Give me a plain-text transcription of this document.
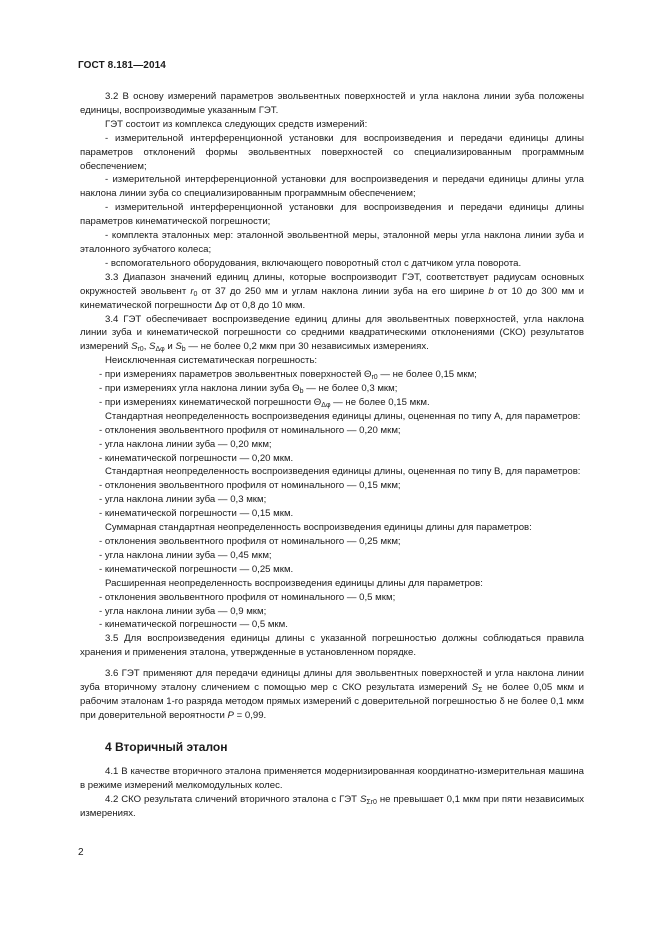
ГОСТ 8.181—2014

3.2 В основу измерений параметров эвольвентных поверхностей и угла наклона линии зуба положены единицы, воспроизводимые указанным ГЭТ.

ГЭТ состоит из комплекса следующих средств измерений:

- измерительной интерференционной установки для воспроизведения и передачи единицы длины параметров отклонений формы эвольвентных поверхностей со специализированным программным обеспечением;

- измерительной интерференционной установки для воспроизведения и передачи единицы длины угла наклона линии зуба со специализированным программным обеспечением;

- измерительной интерференционной установки для воспроизведения и передачи единицы длины параметров кинематической погрешности;

- комплекта эталонных мер: эталонной эвольвентной меры, эталонной меры угла наклона линии зуба и эталонного зубчатого колеса;

- вспомогательного оборудования, включающего поворотный стол с датчиком угла поворота.

3.3 Диапазон значений единиц длины, которые воспроизводит ГЭТ, соответствует радиусам основных окружностей эвольвент $r_0$ от 37 до 250 мм и углам наклона линии зуба на его ширине b от 10 до 300 мм и кинематической погрешности Δφ от 0,8 до 10 мкм.

3.4 ГЭТ обеспечивает воспроизведение единиц длины для эвольвентных поверхностей, угла наклона линии зуба и кинематической погрешности со средними квадратическими отклонениями (СКО) результатов измерений $S_{r0}$, $S_{\Delta\varphi}$ и $S_b$ — не более 0,2 мкм при 30 независимых измерениях.

Неисключенная систематическая погрешность:

- при измерениях параметров эвольвентных поверхностей $\Theta_{r0}$ — не более 0,15 мкм;

- при измерениях угла наклона линии зуба $\Theta_b$ — не более 0,3 мкм;

- при измерениях кинематической погрешности $\Theta_{\Delta\varphi}$ — не более 0,15 мкм.

Стандартная неопределенность воспроизведения единицы длины, оцененная по типу А, для параметров:

- отклонения эвольвентного профиля от номинального — 0,20 мкм;

- угла наклона линии зуба — 0,20 мкм;

- кинематической погрешности — 0,20 мкм.

Стандартная неопределенность воспроизведения единицы длины, оцененная по типу В, для параметров:

- отклонения эвольвентного профиля от номинального — 0,15 мкм;

- угла наклона линии зуба — 0,3 мкм;

- кинематической погрешности — 0,15 мкм.

Суммарная стандартная неопределенность воспроизведения единицы длины для параметров:

- отклонения эвольвентного профиля от номинального — 0,25 мкм;

- угла наклона линии зуба — 0,45 мкм;

- кинематической погрешности — 0,25 мкм.

Расширенная неопределенность воспроизведения единицы длины для параметров:

- отклонения эвольвентного профиля от номинального — 0,5 мкм;

- угла наклона линии зуба — 0,9 мкм;

- кинематической погрешности — 0,5 мкм.

3.5 Для воспроизведения единицы длины с указанной погрешностью должны соблюдаться правила хранения и применения эталона, утвержденные в установленном порядке.

3.6 ГЭТ применяют для передачи единицы длины для эвольвентных поверхностей и угла наклона линии зуба вторичному эталону сличением с помощью мер с СКО результата измерений $S_\Sigma$ не более 0,05 мкм и рабочим эталонам 1-го разряда методом прямых измерений с доверительной погрешностью δ не более 0,1 мкм при доверительной вероятности P = 0,99.

4 Вторичный эталон

4.1 В качестве вторичного эталона применяется модернизированная координатно-измерительная машина в режиме измерений мелкомодульных колес.

4.2 СКО результата сличений вторичного эталона с ГЭТ $S_{\Sigma r0}$ не превышает 0,1 мкм при пяти независимых измерениях.

2
